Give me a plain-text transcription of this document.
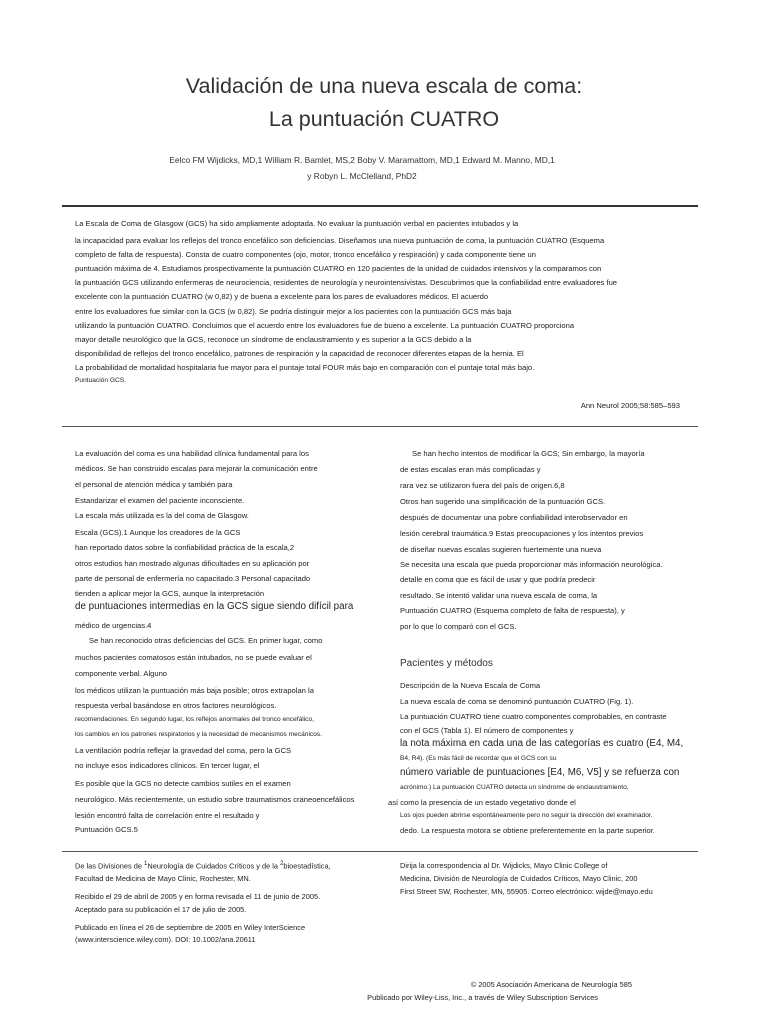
Validación de una nueva escala de coma:
La puntuación CUATRO
Eelco FM Wijdicks, MD,1 William R. Bamlet, MS,2 Boby V. Maramattom, MD,1 Edward M. Manno, MD,1
y Robyn L. McClelland, PhD2
La Escala de Coma de Glasgow (GCS) ha sido ampliamente adoptada. No evaluar la puntuación verbal en pacientes intubados y la
la incapacidad para evaluar los reflejos del tronco encefálico son deficiencias. Diseñamos una nueva puntuación de coma, la puntuación CUATRO (Esquema
completo de falta de respuesta). Consta de cuatro componentes (ojo, motor, tronco encefálico y respiración) y cada componente tiene un
puntuación máxima de 4. Estudiamos prospectivamente la puntuación CUATRO en 120 pacientes de la unidad de cuidados intensivos y la comparamos con
la puntuación GCS utilizando enfermeras de neurociencia, residentes de neurología y neurointensivistas. Descubrimos que la confiabilidad entre evaluadores fue
excelente con la puntuación CUATRO (w 0,82) y de buena a excelente para los pares de evaluadores médicos. El acuerdo
entre los evaluadores fue similar con la GCS (w 0,82). Se podría distinguir mejor a los pacientes con la puntuación GCS más baja
utilizando la puntuación CUATRO. Concluimos que el acuerdo entre los evaluadores fue de bueno a excelente. La puntuación CUATRO proporciona
mayor detalle neurológico que la GCS, reconoce un síndrome de enclaustramiento y es superior a la GCS debido a la
disponibilidad de reflejos del tronco encefálico, patrones de respiración y la capacidad de reconocer diferentes etapas de la hernia. El
La probabilidad de mortalidad hospitalaria fue mayor para el puntaje total FOUR más bajo en comparación con el puntaje total más bajo.
Puntuación GCS.
Ann Neurol 2005;58:585–593
La evaluación del coma es una habilidad clínica fundamental para los
médicos. Se han construido escalas para mejorar la comunicación entre
el personal de atención médica y también para
Estandarizar el examen del paciente inconsciente.
La escala más utilizada es la del coma de Glasgow.
Escala (GCS).1 Aunque los creadores de la GCS
han reportado datos sobre la confiabilidad práctica de la escala,2
otros estudios han mostrado algunas dificultades en su aplicación por
parte de personal de enfermería no capacitado.3 Personal capacitado
tienden a aplicar mejor la GCS, aunque la interpretación
de puntuaciones intermedias en la GCS sigue siendo difícil para
médico de urgencias.4
Se han reconocido otras deficiencias del GCS. En primer lugar, como
muchos pacientes comatosos están intubados, no se puede evaluar el
componente verbal. Alguno
los médicos utilizan la puntuación más baja posible; otros extrapolan la
respuesta verbal basándose en otros factores neurológicos.
recomendaciones. En segundo lugar, los reflejos anormales del tronco encefálico,
los cambios en los patrones respiratorios y la necesidad de mecanismos mecánicos.
La ventilación podría reflejar la gravedad del coma, pero la GCS
no incluye esos indicadores clínicos. En tercer lugar, el
Es posible que la GCS no detecte cambios sutiles en el examen
neurológico. Más recientemente, un estudio sobre traumatismos craneoencefálicos
lesión encontró falta de correlación entre el resultado y
Puntuación GCS.5
Se han hecho intentos de modificar la GCS; Sin embargo, la mayoría
de estas escalas eran más complicadas y
rara vez se utilizaron fuera del país de origen.6,8
Otros han sugerido una simplificación de la puntuación GCS.
después de documentar una pobre confiabilidad interobservador en
lesión cerebral traumática.9 Estas preocupaciones y los intentos previos
de diseñar nuevas escalas sugieren fuertemente una nueva
Se necesita una escala que pueda proporcionar más información neurológica.
detalle en coma que es fácil de usar y que podría predecir
resultado. Se intentó validar una nueva escala de coma, la
Puntuación CUATRO (Esquema completo de falta de respuesta), y
por lo que lo comparó con el GCS.
Pacientes y métodos
Descripción de la Nueva Escala de Coma
La nueva escala de coma se denominó puntuación CUATRO (Fig. 1).
La puntuación CUATRO tiene cuatro componentes comprobables, en contraste
con el GCS (Tabla 1). El número de componentes y
la nota máxima en cada una de las categorías es cuatro (E4, M4,
B4, R4). (Es más fácil de recordar que el GCS con su
número variable de puntuaciones [E4, M6, V5] y se refuerza con
acrónimo.) La puntuación CUATRO detecta un síndrome de enclaustramiento,
así como la presencia de un estado vegetativo donde el
Los ojos pueden abrirse espontáneamente pero no seguir la dirección del examinador.
dedo. La respuesta motora se obtiene preferentemente en la parte superior.
De las Divisiones de $^1$Neurología de Cuidados Críticos y de la $^2$bioestadística,
Facultad de Medicina de Mayo Clinic, Rochester, MN.
Recibido el 29 de abril de 2005 y en forma revisada el 11 de junio de 2005.
Aceptado para su publicación el 17 de julio de 2005.
Publicado en línea el 26 de septiembre de 2005 en Wiley InterScience
(www.interscience.wiley.com). DOI: 10.1002/ana.20611
Dirija la correspondencia al Dr. Wijdicks, Mayo Clinic College of
Medicina, División de Neurología de Cuidados Críticos, Mayo Clinic, 200
First Street SW, Rochester, MN, 55905. Correo electrónico: wijde@mayo.edu
© 2005 Asociación Americana de Neurología 585
Publicado por Wiley-Liss, Inc., a través de Wiley Subscription Services
